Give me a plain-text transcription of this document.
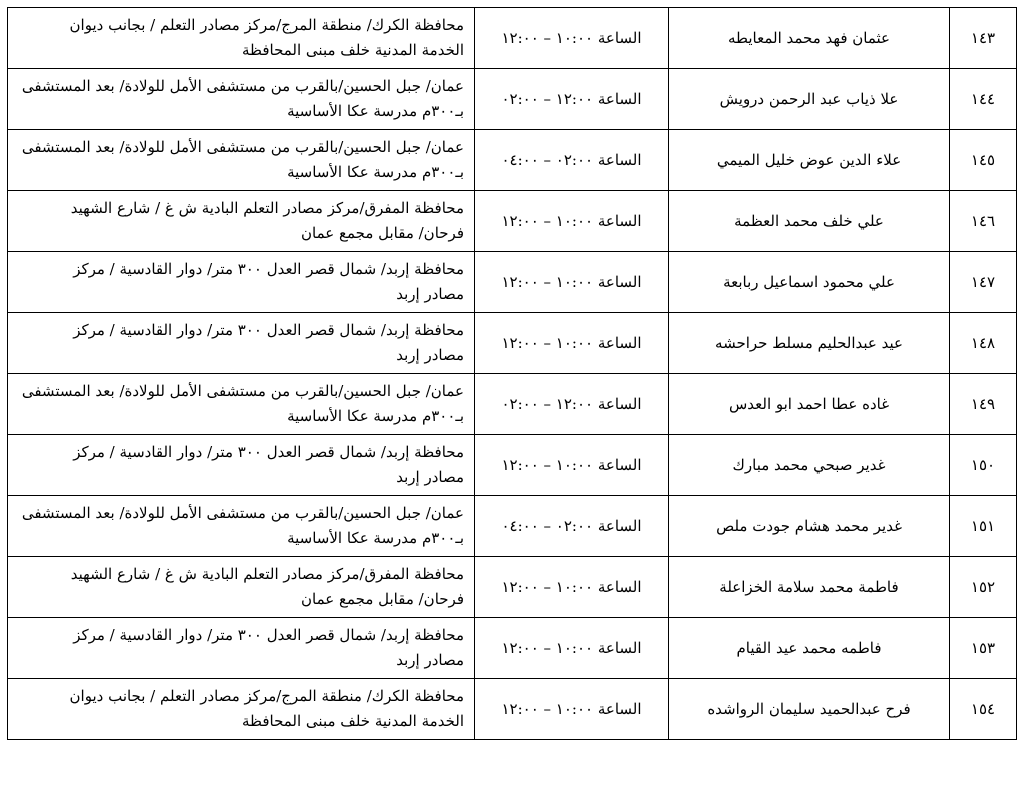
١٤٣	عثمان فهد محمد المعايطه	الساعة ١٠:٠٠ – ١٢:٠٠	محافظة الكرك/ منطقة المرج/مركز مصادر التعلم / بجانب ديوان
الخدمة المدنية خلف مبنى المحافظة

١٤٤	علا ذياب عبد الرحمن درويش	الساعة ١٢:٠٠ – ٠٢:٠٠	عمان/ جبل الحسين/بالقرب من مستشفى الأمل للولادة/ بعد المستشفى
بـ٣٠٠م مدرسة عكا الأساسية

١٤٥	علاء الدين عوض خليل الميمي	الساعة ٠٢:٠٠ – ٠٤:٠٠	عمان/ جبل الحسين/بالقرب من مستشفى الأمل للولادة/ بعد المستشفى
بـ٣٠٠م مدرسة عكا الأساسية

١٤٦	علي خلف محمد العظمة	الساعة ١٠:٠٠ – ١٢:٠٠	محافظة المفرق/مركز مصادر التعلم البادية ش غ / شارع الشهيد
فرحان/ مقابل مجمع عمان

١٤٧	علي محمود اسماعيل ربابعة	الساعة ١٠:٠٠ – ١٢:٠٠	محافظة إربد/ شمال قصر العدل ٣٠٠ متر/ دوار القادسية / مركز
مصادر إربد

١٤٨	عيد عبدالحليم مسلط حراحشه	الساعة ١٠:٠٠ – ١٢:٠٠	محافظة إربد/ شمال قصر العدل ٣٠٠ متر/ دوار القادسية / مركز
مصادر إربد

١٤٩	غاده عطا احمد ابو العدس	الساعة ١٢:٠٠ – ٠٢:٠٠	عمان/ جبل الحسين/بالقرب من مستشفى الأمل للولادة/ بعد المستشفى
بـ٣٠٠م مدرسة عكا الأساسية

١٥٠	غدير صبحي محمد مبارك	الساعة ١٠:٠٠ – ١٢:٠٠	محافظة إربد/ شمال قصر العدل ٣٠٠ متر/ دوار القادسية / مركز
مصادر إربد

١٥١	غدير محمد هشام جودت ملص	الساعة ٠٢:٠٠ – ٠٤:٠٠	عمان/ جبل الحسين/بالقرب من مستشفى الأمل للولادة/ بعد المستشفى
بـ٣٠٠م مدرسة عكا الأساسية

١٥٢	فاطمة محمد سلامة الخزاعلة	الساعة ١٠:٠٠ – ١٢:٠٠	محافظة المفرق/مركز مصادر التعلم البادية ش غ / شارع الشهيد
فرحان/ مقابل مجمع عمان

١٥٣	فاطمه محمد عيد القيام	الساعة ١٠:٠٠ – ١٢:٠٠	محافظة إربد/ شمال قصر العدل ٣٠٠ متر/ دوار القادسية / مركز
مصادر إربد

١٥٤	فرح عبدالحميد سليمان الرواشده	الساعة ١٠:٠٠ – ١٢:٠٠	محافظة الكرك/ منطقة المرج/مركز مصادر التعلم / بجانب ديوان
الخدمة المدنية خلف مبنى المحافظة
